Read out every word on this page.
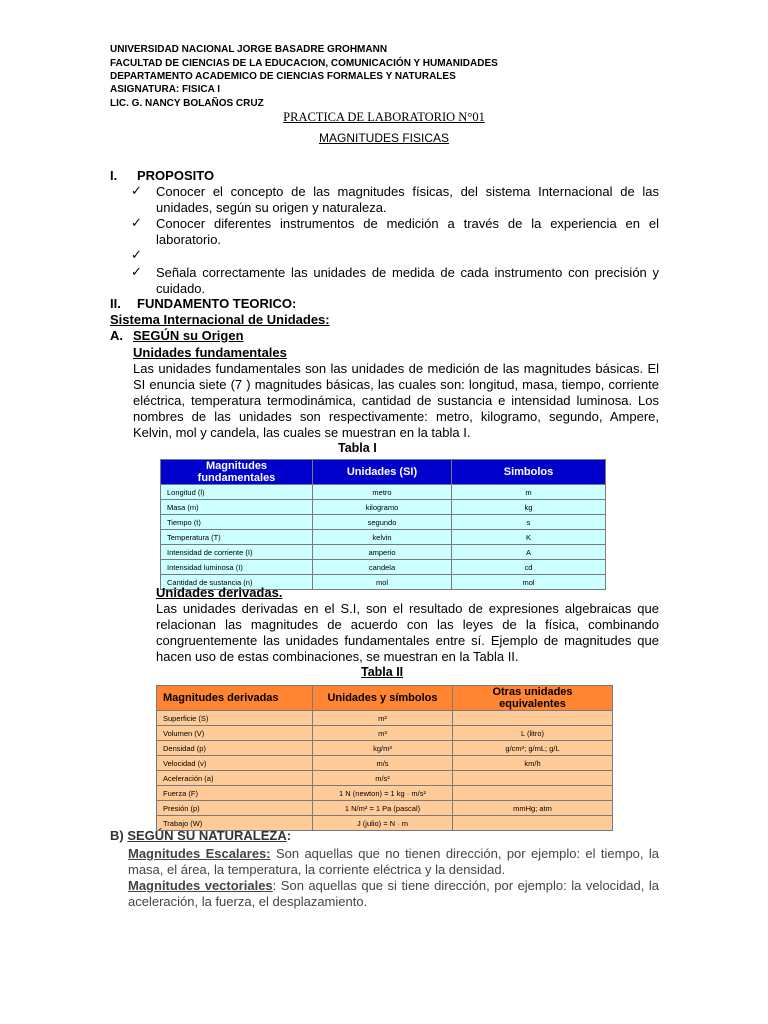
UNIVERSIDAD NACIONAL JORGE BASADRE GROHMANN
FACULTAD DE CIENCIAS DE LA EDUCACION, COMUNICACIÓN Y HUMANIDADES
DEPARTAMENTO ACADEMICO DE CIENCIAS FORMALES Y NATURALES
ASIGNATURA: FISICA I
LIC. G. NANCY BOLAÑOS CRUZ
PRACTICA DE LABORATORIO N°01
MAGNITUDES FISICAS
I. PROPOSITO
✓ Conocer el concepto de las magnitudes físicas, del sistema Internacional de las unidades, según su origen y naturaleza.
✓ Conocer diferentes instrumentos de medición a través de la experiencia en el laboratorio.
✓
✓ Señala correctamente las unidades de medida de cada instrumento con precisión y cuidado.
II. FUNDAMENTO TEORICO:
Sistema Internacional de Unidades:
A. SEGÚN su Origen
Unidades fundamentales
Las unidades fundamentales son las unidades de medición de las magnitudes básicas. El SI enuncia siete (7 ) magnitudes básicas, las cuales son: longitud, masa, tiempo, corriente eléctrica, temperatura termodinámica, cantidad de sustancia e intensidad luminosa. Los nombres de las unidades son respectivamente: metro, kilogramo, segundo, Ampere, Kelvin, mol y candela, las cuales se muestran en la tabla I.
Tabla I
Magnitudes fundamentales	Unidades (SI)	Simbolos
Longitud (l)	metro	m
Masa (m)	kilogramo	kg
Tiempo (t)	segundo	s
Temperatura (T)	kelvin	K
Intensidad de corriente (I)	amperio	A
Intensidad luminosa (I)	candela	cd
Cantidad de sustancia (n)	mol	mol
Unidades derivadas.
Las unidades derivadas en el S.I, son el resultado de expresiones algebraicas que relacionan las magnitudes de acuerdo con las leyes de la física, combinando congruentemente las unidades fundamentales entre sí. Ejemplo de magnitudes que hacen uso de estas combinaciones, se muestran en la Tabla II.
Tabla II
Magnitudes derivadas	Unidades y símbolos	Otras unidades equivalentes
Superficie (S)	m²	
Volumen (V)	m³	L (litro)
Densidad (p)	kg/m³	g/cm³; g/mL; g/L
Velocidad (v)	m/s	km/h
Aceleración (a)	m/s²	
Fuerza (F)	1 N (newton) = 1 kg · m/s²	
Presión (p)	1 N/m² = 1 Pa (pascal)	mmHg; atm
Trabajo (W)	J (julio) = N · m	
B) SEGÚN SU NATURALEZA:
Magnitudes Escalares: Son aquellas que no tienen dirección, por ejemplo: el tiempo, la masa, el área, la temperatura, la corriente eléctrica y la densidad.
Magnitudes vectoriales: Son aquellas que si tiene dirección, por ejemplo: la velocidad, la aceleración, la fuerza, el desplazamiento.
